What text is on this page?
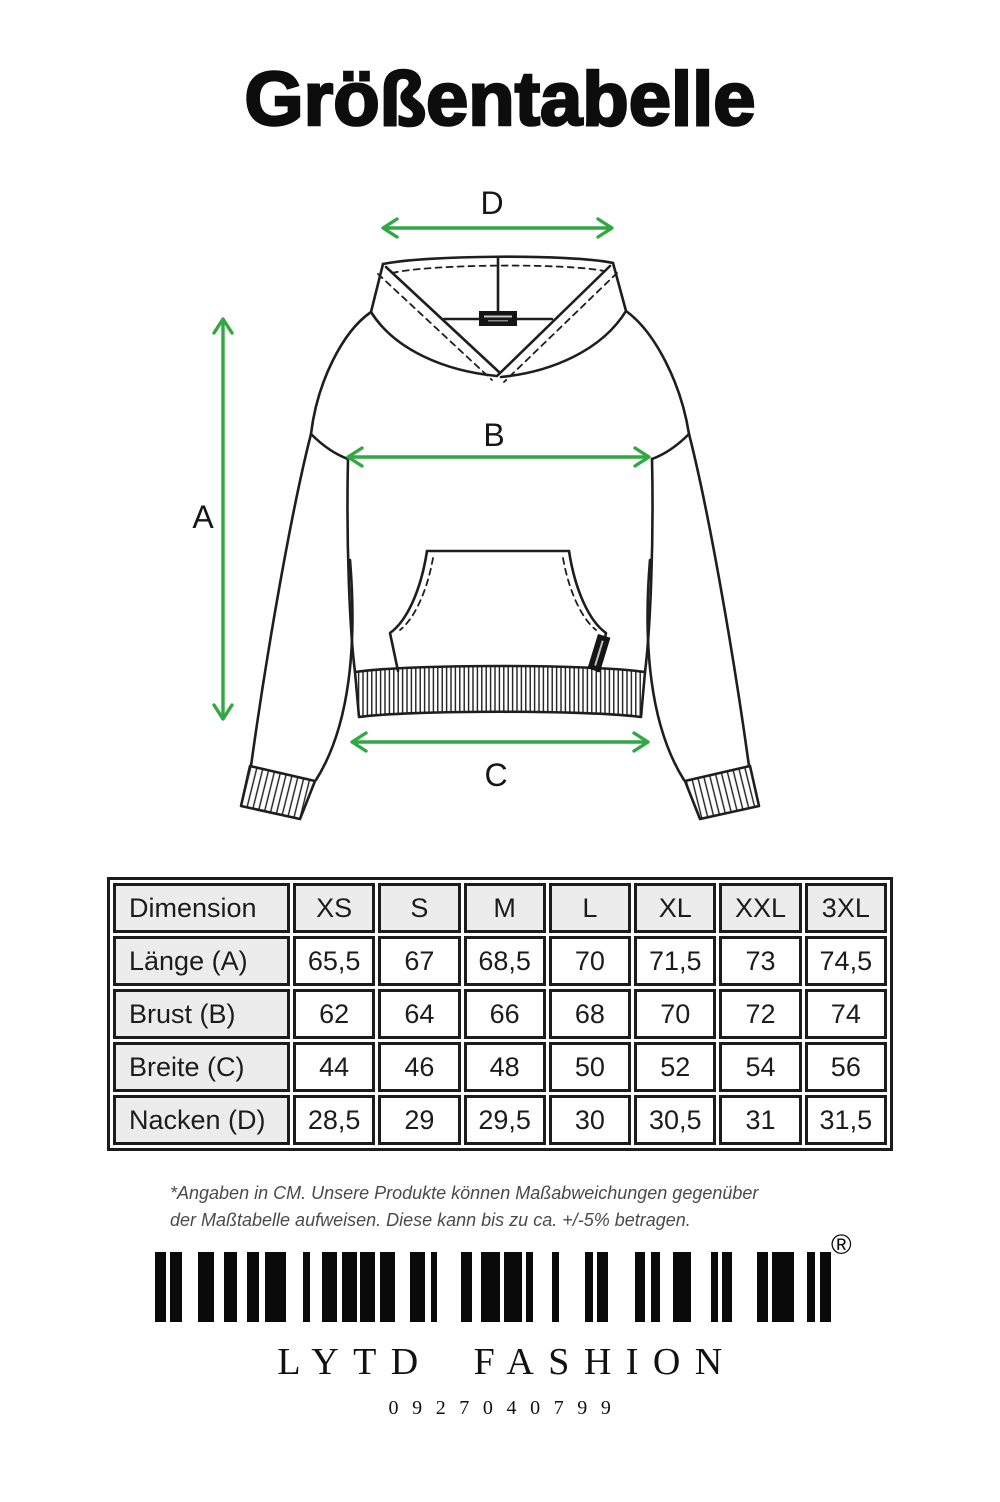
Größentabelle
D
A
B
C
Dimension	XS	S	M	L	XL	XXL	3XL
Länge (A)	65,5	67	68,5	70	71,5	73	74,5
Brust (B)	62	64	66	68	70	72	74
Breite (C)	44	46	48	50	52	54	56
Nacken (D)	28,5	29	29,5	30	30,5	31	31,5
*Angaben in CM. Unsere Produkte können Maßabweichungen gegenüber
der Maßtabelle aufweisen. Diese kann bis zu ca. +/-5% betragen.
®
LYTD FASHION
0927040799
